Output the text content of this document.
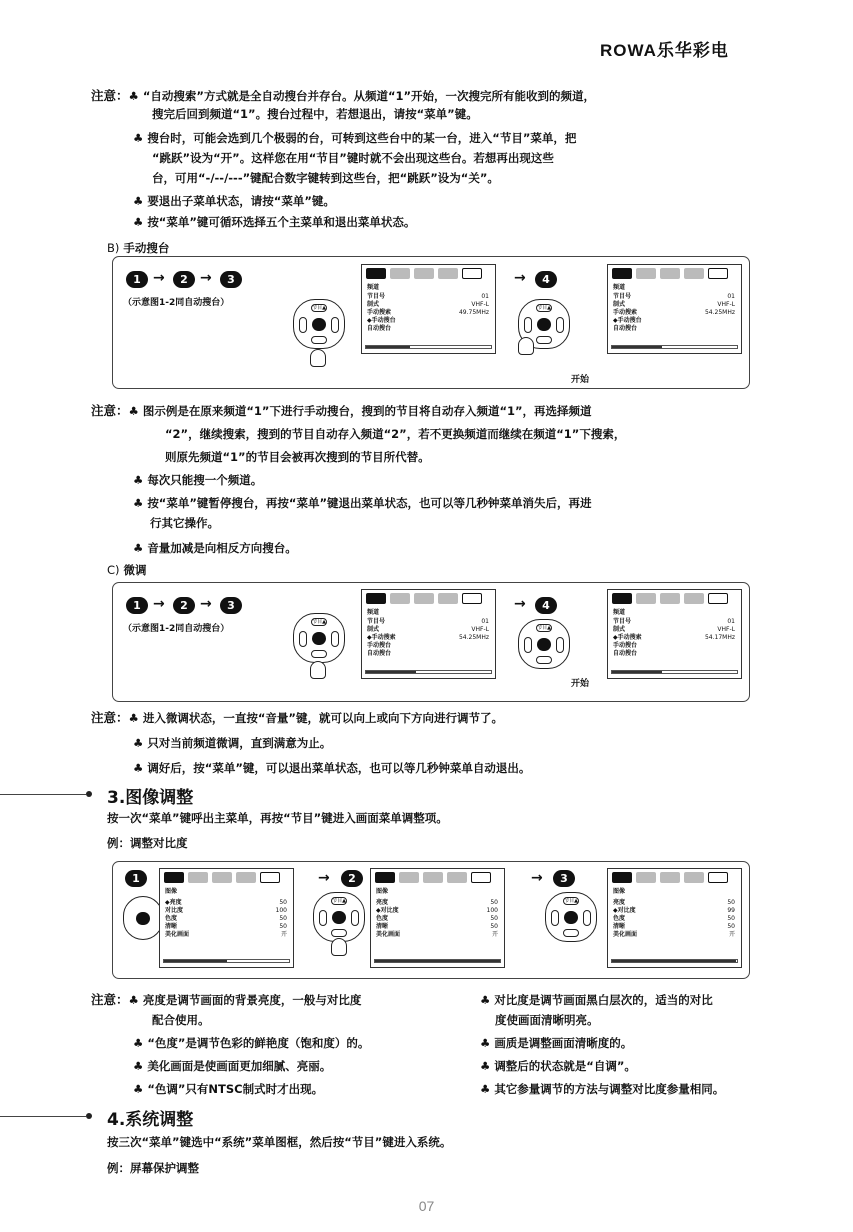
ROWA乐华彩电
注意：♣ “自动搜索”方式就是全自动搜台并存台。从频道“1”开始，一次搜完所有能收到的频道，
搜完后回到频道“1”。搜台过程中，若想退出，请按“菜单”键。
♣ 搜台时，可能会选到几个极弱的台，可转到这些台中的某一台，进入“节目”菜单，把
“跳跃”设为“开”。这样您在用“节目”键时就不会出现这些台。若想再出现这些
台，可用“-/--/---”键配合数字键转到这些台，把“跳跃”设为“关”。
♣ 要退出子菜单状态，请按“菜单”键。
♣ 按“菜单”键可循环选择五个主菜单和退出菜单状态。
B) 手动搜台
1 →	2 →	3
（示意图1-2同自动搜台）	节目▲
频道
节目号	01
制式	VHF-L
手动搜索	49.75MHz
◆手动搜台
自动搜台
→	4
节目▲
开始
频道
节目号	01
制式	VHF-L
手动搜索	54.25MHz
◆手动搜台
自动搜台
注意：♣ 图示例是在原来频道“1”下进行手动搜台，搜到的节目将自动存入频道“1”，再选择频道
“2”，继续搜索，搜到的节目自动存入频道“2”，若不更换频道而继续在频道“1”下搜索，
则原先频道“1”的节目会被再次搜到的节目所代替。
♣ 每次只能搜一个频道。
♣ 按“菜单”键暂停搜台，再按“菜单”键退出菜单状态，也可以等几秒钟菜单消失后，再进
行其它操作。
♣ 音量加减是向相反方向搜台。
C) 微调
1 →	2 →	3
（示意图1-2同自动搜台）
节目▲
频道
节目号	01
制式	VHF-L
◆手动搜索	54.25MHz
手动搜台
自动搜台
→	4
节目▲
开始
频道
节目号	01
制式	VHF-L
◆手动搜索	54.17MHz
手动搜台
自动搜台
注意：♣ 进入微调状态，一直按“音量”键，就可以向上或向下方向进行调节了。
♣ 只对当前频道微调，直到满意为止。
♣ 调好后，按“菜单”键，可以退出菜单状态，也可以等几秒钟菜单自动退出。
3.图像调整
按一次“菜单”键呼出主菜单，再按“节目”键进入画面菜单调整项。
例：调整对比度
1
图像
◆亮度	50
对比度	100
色度	50
清晰	50
美化画面	开
→	2
节目▲
图像
亮度	50
◆对比度	100
色度	50
清晰	50
美化画面	开
→	3
节目▲
图像
亮度	50
◆对比度	99
色度	50
清晰	50
美化画面	开
注意：♣ 亮度是调节画面的背景亮度，一般与对比度
配合使用。
♣ “色度”是调节色彩的鲜艳度（饱和度）的。
♣ 美化画面是使画面更加细腻、亮丽。
♣ “色调”只有NTSC制式时才出现。
♣ 对比度是调节画面黑白层次的，适当的对比
度使画面清晰明亮。
♣ 画质是调整画面清晰度的。
♣ 调整后的状态就是“自调”。
♣ 其它参量调节的方法与调整对比度参量相同。
4.系统调整
按三次“菜单”键选中“系统”菜单图框，然后按“节目”键进入系统。
例：屏幕保护调整
07
